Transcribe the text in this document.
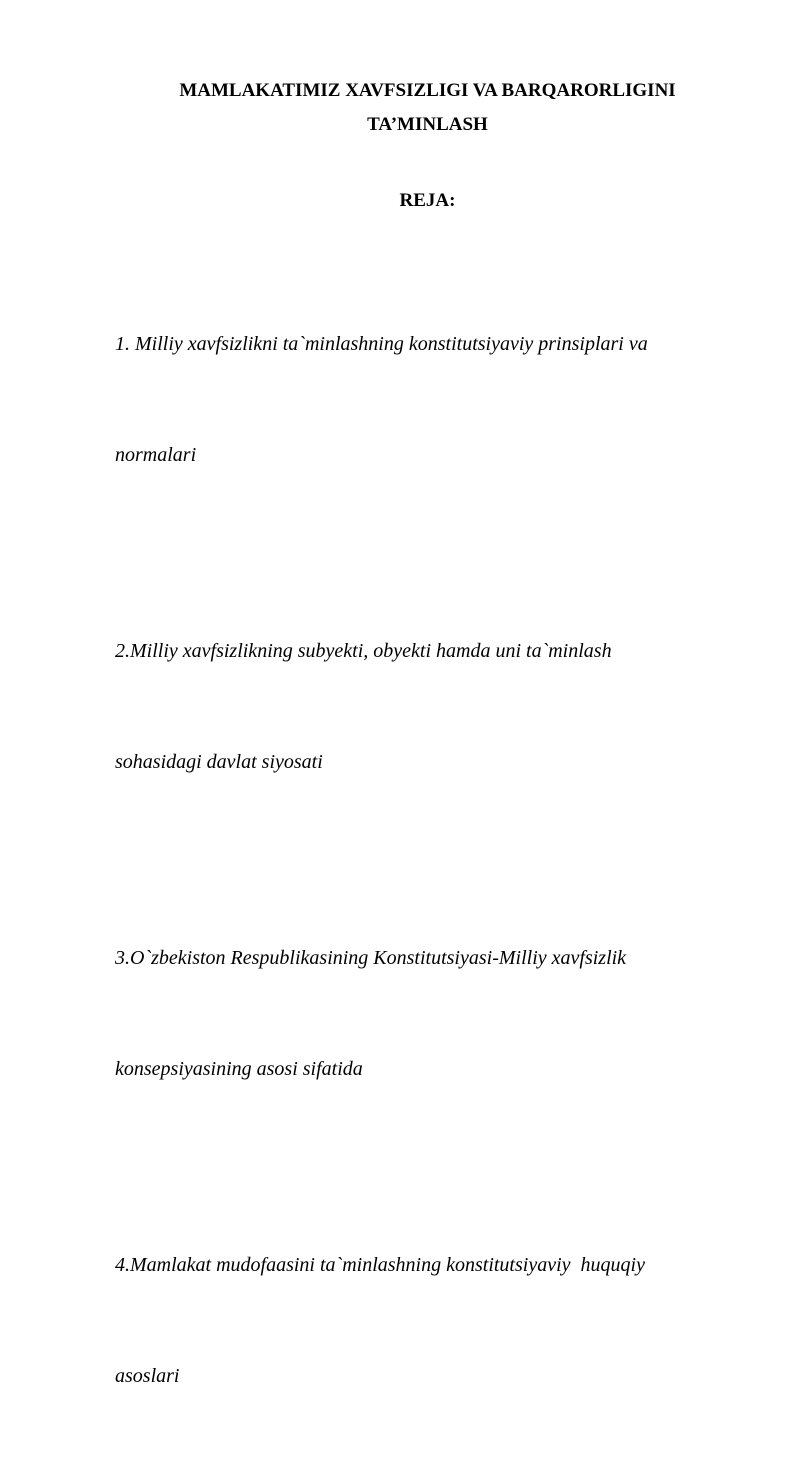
MAMLAKATIMIZ XAVFSIZLIGI VA BARQARORLIGINI
TA’MINLASH
REJA:

1. Milliy xavfsizlikni ta`minlashning konstitutsiyaviy prinsiplari va

normalari

2.Milliy xavfsizlikning subyekti, obyekti hamda uni ta`minlash

sohasidagi davlat siyosati

3.O`zbekiston Respublikasining Konstitutsiyasi-Milliy xavfsizlik

konsepsiyasining asosi sifatida

4.Mamlakat mudofaasini ta`minlashning konstitutsiyaviy  huquqiy

asoslari
